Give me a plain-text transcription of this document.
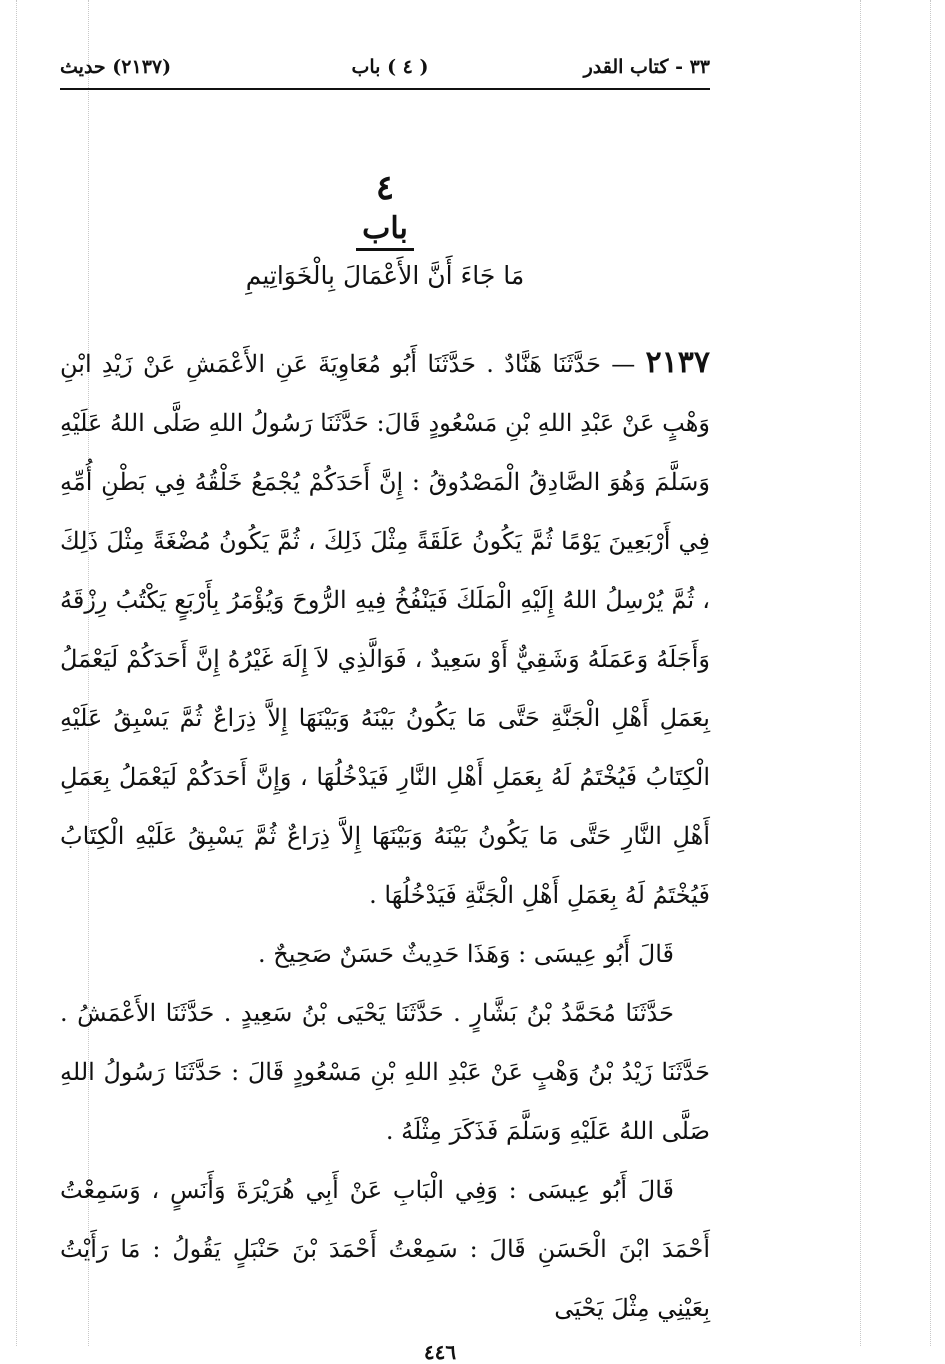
٣٣ - كتاب القدر
( ٤ ) باب
(٢١٣٧) حديث
٤
باب
مَا جَاءَ أَنَّ الأَعْمَالَ بِالْخَوَاتِيمِ

٢١٣٧ — حَدَّثَنَا هَنَّادٌ . حَدَّثَنَا أَبُو مُعَاوِيَةَ عَنِ الأَعْمَشِ عَنْ زَيْدِ ابْنِ وَهْبٍ عَنْ عَبْدِ اللهِ بْنِ مَسْعُودٍ قَالَ: حَدَّثَنَا رَسُولُ اللهِ صَلَّى اللهُ عَلَيْهِ وَسَلَّمَ وَهُوَ الصَّادِقُ الْمَصْدُوقُ : إِنَّ أَحَدَكُمْ يُجْمَعُ خَلْقُهُ فِي بَطْنِ أُمِّهِ فِي أَرْبَعِينَ يَوْمًا ثُمَّ يَكُونُ عَلَقَةً مِثْلَ ذَلِكَ ، ثُمَّ يَكُونُ مُضْغَةً مِثْلَ ذَلِكَ ، ثُمَّ يُرْسِلُ اللهُ إِلَيْهِ الْمَلَكَ فَيَنْفُخُ فِيهِ الرُّوحَ وَيُؤْمَرُ بِأَرْبَعٍ يَكْتُبُ رِزْقَهُ وَأَجَلَهُ وَعَمَلَهُ وَشَقِيٌّ أَوْ سَعِيدٌ ، فَوَالَّذِي لاَ إِلَهَ غَيْرُهُ إِنَّ أَحَدَكُمْ لَيَعْمَلُ بِعَمَلِ أَهْلِ الْجَنَّةِ حَتَّى مَا يَكُونُ بَيْنَهُ وَبَيْنَهَا إِلاَّ ذِرَاعٌ ثُمَّ يَسْبِقُ عَلَيْهِ الْكِتَابُ فَيُخْتَمُ لَهُ بِعَمَلِ أَهْلِ النَّارِ فَيَدْخُلُهَا ، وَإِنَّ أَحَدَكُمْ لَيَعْمَلُ بِعَمَلِ أَهْلِ النَّارِ حَتَّى مَا يَكُونُ بَيْنَهُ وَبَيْنَهَا إِلاَّ ذِرَاعٌ ثُمَّ يَسْبِقُ عَلَيْهِ الْكِتَابُ فَيُخْتَمُ لَهُ بِعَمَلِ أَهْلِ الْجَنَّةِ فَيَدْخُلُهَا .

قَالَ أَبُو عِيسَى : وَهَذَا حَدِيثٌ حَسَنٌ صَحِيحٌ .

حَدَّثَنَا مُحَمَّدُ بْنُ بَشَّارٍ . حَدَّثَنَا يَحْيَى بْنُ سَعِيدٍ . حَدَّثَنَا الأَعْمَشُ . حَدَّثَنَا زَيْدُ بْنُ وَهْبٍ عَنْ عَبْدِ اللهِ بْنِ مَسْعُودٍ قَالَ : حَدَّثَنَا رَسُولُ اللهِ صَلَّى اللهُ عَلَيْهِ وَسَلَّمَ فَذَكَرَ مِثْلَهُ .

قَالَ أَبُو عِيسَى : وَفِي الْبَابِ عَنْ أَبِي هُرَيْرَةَ وَأَنَسٍ ، وَسَمِعْتُ أَحْمَدَ ابْنَ الْحَسَنِ قَالَ : سَمِعْتُ أَحْمَدَ بْنَ حَنْبَلٍ يَقُولُ : مَا رَأَيْتُ بِعَيْنِي مِثْلَ يَحْيَى

٤٤٦
